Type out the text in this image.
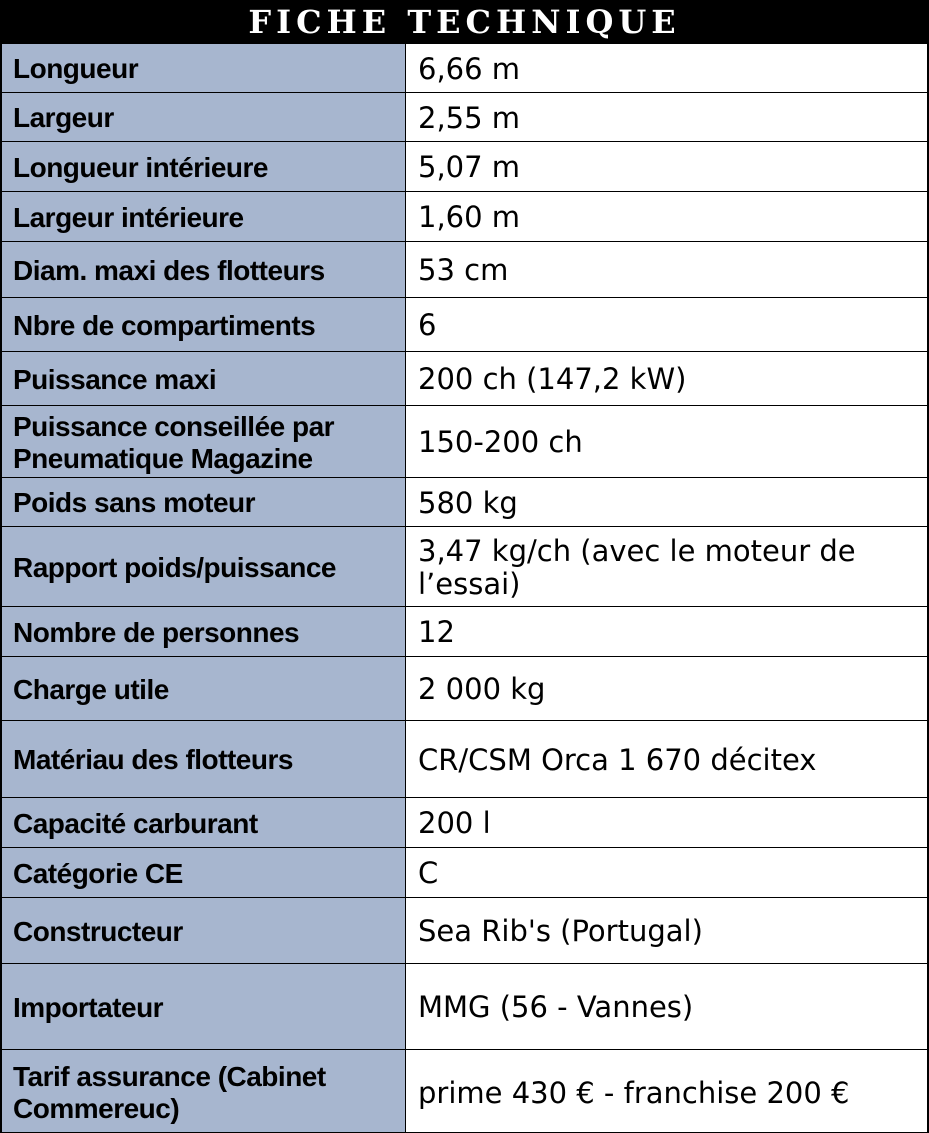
FICHE TECHNIQUE
Longueur	6,66 m
Largeur	2,55 m
Longueur intérieure	5,07 m
Largeur intérieure	1,60 m
Diam. maxi des flotteurs	53 cm
Nbre de compartiments	6
Puissance maxi	200 ch (147,2 kW)
Puissance conseillée par Pneumatique Magazine	150-200 ch
Poids sans moteur	580 kg
Rapport poids/puissance	3,47 kg/ch (avec le moteur de l’essai)
Nombre de personnes	12
Charge utile	2 000 kg
Matériau des flotteurs	CR/CSM Orca 1 670 décitex
Capacité carburant	200 l
Catégorie CE	C
Constructeur	Sea Rib's (Portugal)
Importateur	MMG (56 - Vannes)
Tarif assurance (Cabinet Commereuc)	prime 430 € - franchise 200 €
